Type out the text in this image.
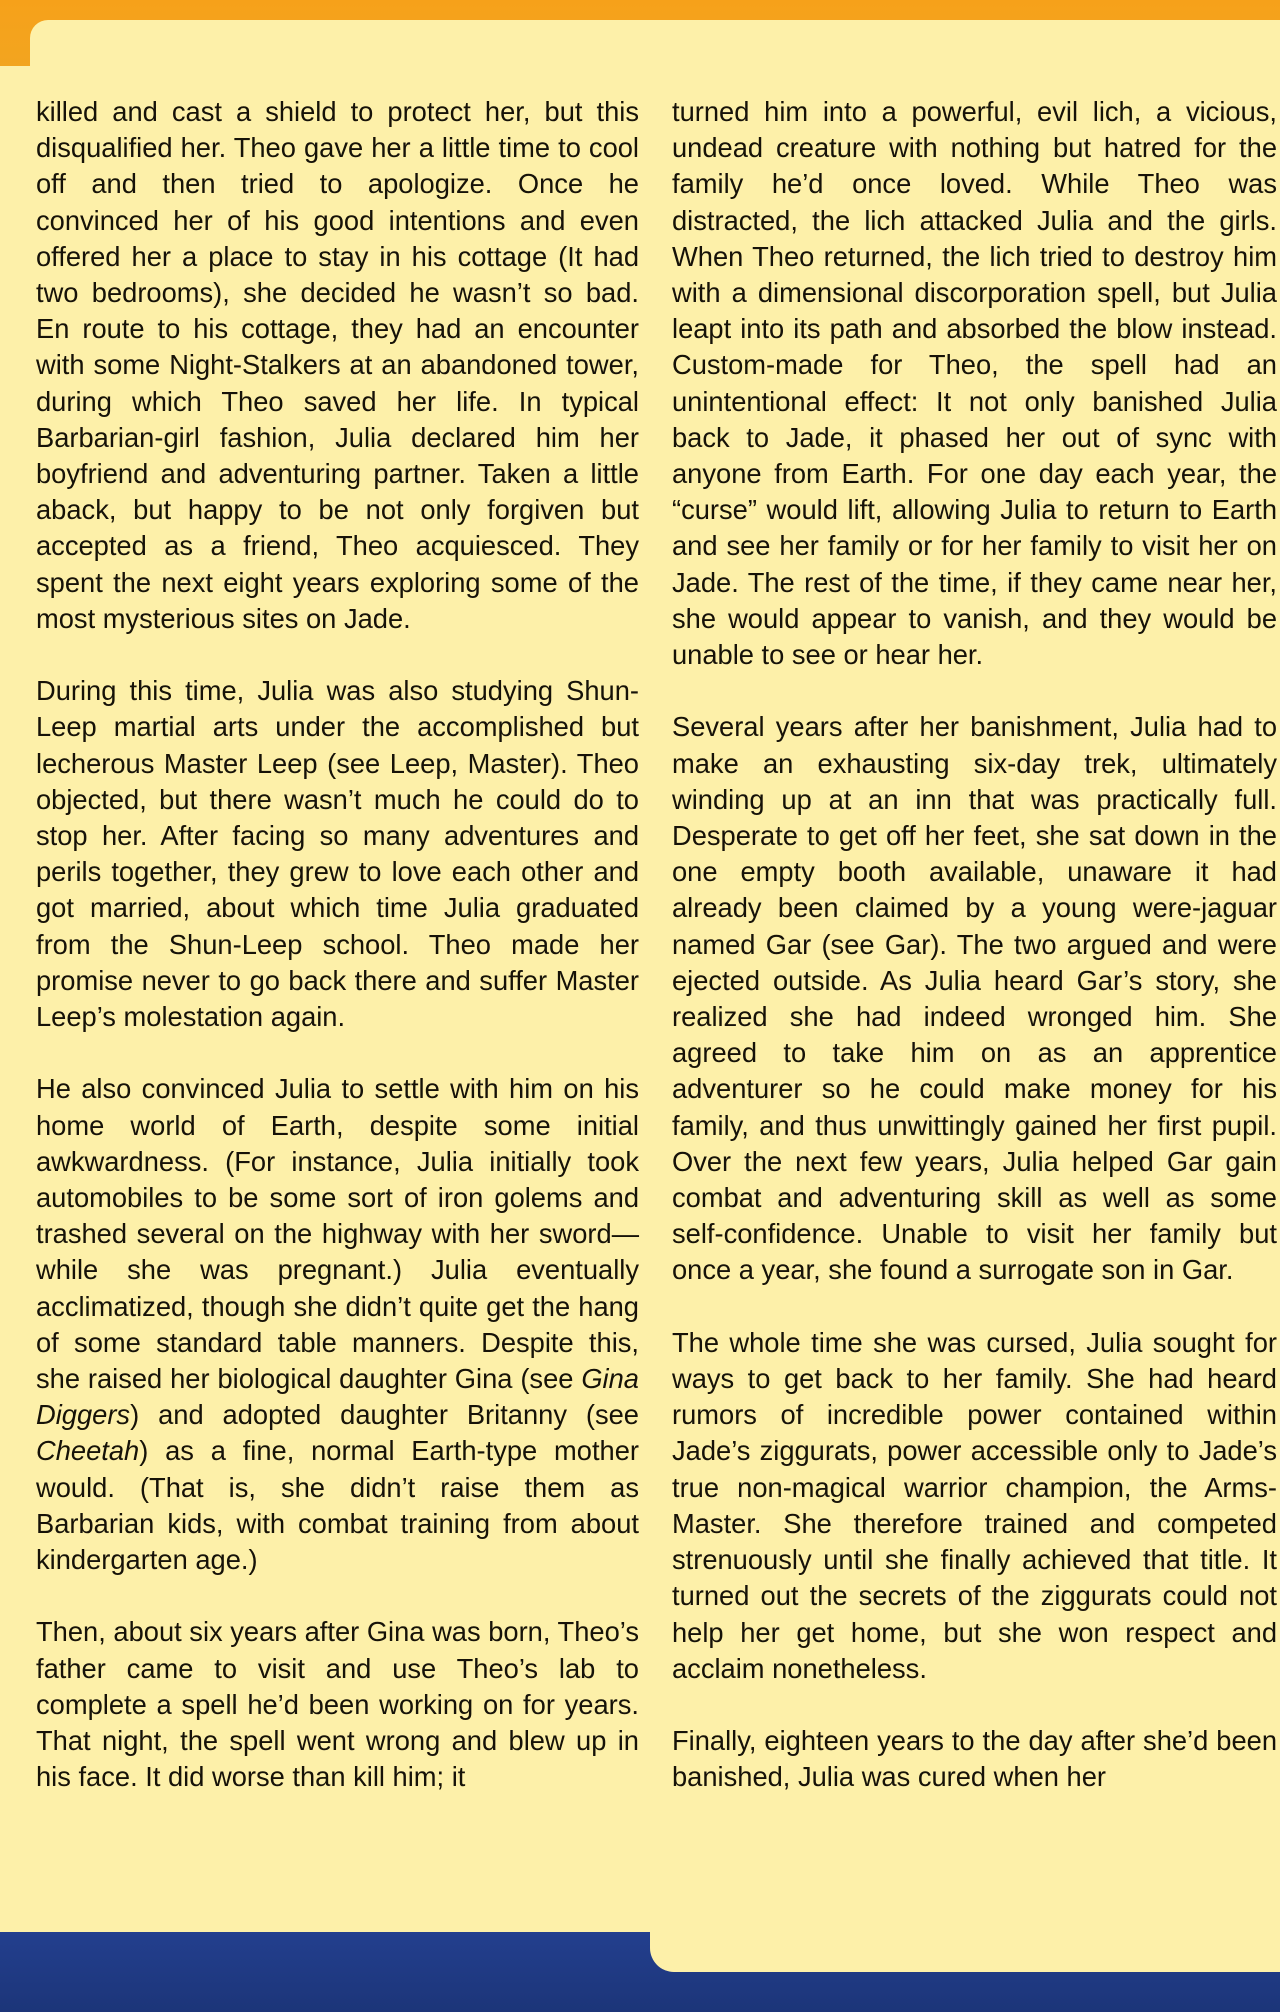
killed and cast a shield to protect her, but this disqualified her. Theo gave her a little time to cool off and then tried to apologize. Once he convinced her of his good intentions and even offered her a place to stay in his cottage (It had two bedrooms), she decided he wasn’t so bad. En route to his cottage, they had an encounter with some Night-Stalkers at an abandoned tower, during which Theo saved her life. In typical Barbarian-girl fashion, Julia declared him her boyfriend and adventuring partner. Taken a little aback, but happy to be not only forgiven but accepted as a friend, Theo acquiesced. They spent the next eight years exploring some of the most mysterious sites on Jade.

During this time, Julia was also studying Shun-Leep martial arts under the accomplished but lecherous Master Leep (see Leep, Master). Theo objected, but there wasn’t much he could do to stop her. After facing so many adventures and perils together, they grew to love each other and got married, about which time Julia graduated from the Shun-Leep school. Theo made her promise never to go back there and suffer Master Leep’s molestation again.

He also convinced Julia to settle with him on his home world of Earth, despite some initial awkwardness. (For instance, Julia initially took automobiles to be some sort of iron golems and trashed several on the highway with her sword—while she was pregnant.) Julia eventually acclimatized, though she didn’t quite get the hang of some standard table manners. Despite this, she raised her biological daughter Gina (see Gina Diggers) and adopted daughter Britanny (see Cheetah) as a fine, normal Earth-type mother would. (That is, she didn’t raise them as Barbarian kids, with combat training from about kindergarten age.)

Then, about six years after Gina was born, Theo’s father came to visit and use Theo’s lab to complete a spell he’d been working on for years. That night, the spell went wrong and blew up in his face. It did worse than kill him; it

turned him into a powerful, evil lich, a vicious, undead creature with nothing but hatred for the family he’d once loved. While Theo was distracted, the lich attacked Julia and the girls. When Theo returned, the lich tried to destroy him with a dimensional discorporation spell, but Julia leapt into its path and absorbed the blow instead. Custom-made for Theo, the spell had an unintentional effect: It not only banished Julia back to Jade, it phased her out of sync with anyone from Earth. For one day each year, the “curse” would lift, allowing Julia to return to Earth and see her family or for her family to visit her on Jade. The rest of the time, if they came near her, she would appear to vanish, and they would be unable to see or hear her.

Several years after her banishment, Julia had to make an exhausting six-day trek, ultimately winding up at an inn that was practically full. Desperate to get off her feet, she sat down in the one empty booth available, unaware it had already been claimed by a young were-jaguar named Gar (see Gar). The two argued and were ejected outside. As Julia heard Gar’s story, she realized she had indeed wronged him. She agreed to take him on as an apprentice adventurer so he could make money for his family, and thus unwittingly gained her first pupil. Over the next few years, Julia helped Gar gain combat and adventuring skill as well as some self-confidence. Unable to visit her family but once a year, she found a surrogate son in Gar.

The whole time she was cursed, Julia sought for ways to get back to her family. She had heard rumors of incredible power contained within Jade’s ziggurats, power accessible only to Jade’s true non-magical warrior champion, the Arms-Master. She therefore trained and competed strenuously until she finally achieved that title. It turned out the secrets of the ziggurats could not help her get home, but she won respect and acclaim nonetheless.

Finally, eighteen years to the day after she’d been banished, Julia was cured when her
